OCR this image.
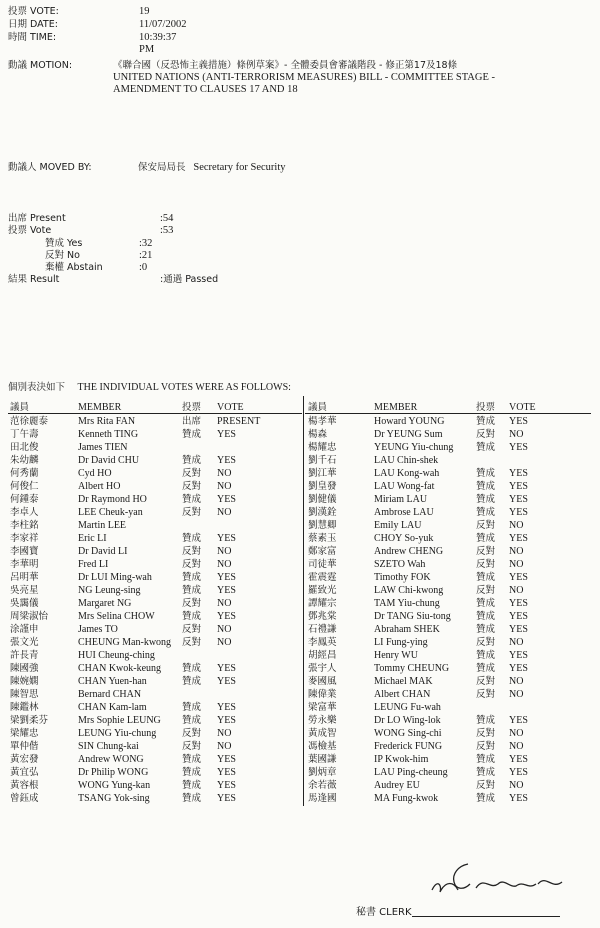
投票 VOTE:	19
日期 DATE:	11/07/2002
時間 TIME:	10:39:37 PM
動議 MOTION:	《聯合國（反恐怖主義措施）條例草案》- 全體委員會審議階段 - 修正第17及18條
UNITED NATIONS (ANTI-TERRORISM MEASURES) BILL - COMMITTEE STAGE -
AMENDMENT TO CLAUSES 17 AND 18
動議人 MOVED BY:	保安局局長 Secretary for Security
出席 Present	:54
投票 Vote	:53
贊成 Yes	:32
反對 No	:21
棄權 Abstain	:0
結果 Result	:通過 Passed
個別表決如下 THE INDIVIDUAL VOTES WERE AS FOLLOWS:
議員	MEMBER	投票 VOTE	議員	MEMBER	投票 VOTE
范徐麗泰	Mrs Rita FAN	出席 PRESENT
丁午壽	Kenneth TING	贊成 YES
田北俊	James TIEN
朱幼麟	Dr David CHU	贊成 YES
何秀蘭	Cyd HO	反對 NO
何俊仁	Albert HO	反對 NO
何鍾泰	Dr Raymond HO	贊成 YES
李卓人	LEE Cheuk-yan	反對 NO
李柱銘	Martin LEE
李家祥	Eric LI	贊成 YES
李國寶	Dr David LI	反對 NO
李華明	Fred LI	反對 NO
呂明華	Dr LUI Ming-wah	贊成 YES
吳亮星	NG Leung-sing	贊成 YES
吳靄儀	Margaret NG	反對 NO
周梁淑怡	Mrs Selina CHOW	贊成 YES
涂謹申	James TO	反對 NO
張文光	CHEUNG Man-kwong 反對 NO
許長青	HUI Cheung-ching
陳國強	CHAN Kwok-keung 贊成 YES
陳婉嫻	CHAN Yuen-han	贊成 YES
陳智思	Bernard CHAN
陳鑑林	CHAN Kam-lam	贊成 YES
梁劉柔芬	Mrs Sophie LEUNG 贊成 YES
梁耀忠	LEUNG Yiu-chung	反對 NO
單仲偕	SIN Chung-kai	反對 NO
黃宏發	Andrew WONG	贊成 YES
黃宜弘	Dr Philip WONG	贊成 YES
黃容根	WONG Yung-kan	贊成 YES
曾鈺成	TSANG Yok-sing	贊成 YES
楊孝華	Howard YOUNG	贊成 YES
楊森	Dr YEUNG Sum	反對 NO
楊耀忠	YEUNG Yiu-chung 贊成 YES
劉千石	LAU Chin-shek
劉江華	LAU Kong-wah	贊成 YES
劉皇發	LAU Wong-fat	贊成 YES
劉健儀	Miriam LAU	贊成 YES
劉漢銓	Ambrose LAU	贊成 YES
劉慧卿	Emily LAU	反對 NO
蔡素玉	CHOY So-yuk	贊成 YES
鄭家富	Andrew CHENG	反對 NO
司徒華	SZETO Wah	反對 NO
霍震霆	Timothy FOK	贊成 YES
羅致光	LAW Chi-kwong	反對 NO
譚耀宗	TAM Yiu-chung	贊成 YES
鄧兆棠	Dr TANG Siu-tong	贊成 YES
石禮謙	Abraham SHEK	贊成 YES
李鳳英	LI Fung-ying	反對 NO
胡經昌	Henry WU	贊成 YES
張宇人	Tommy CHEUNG	贊成 YES
麥國風	Michael MAK	反對 NO
陳偉業	Albert CHAN	反對 NO
梁富華	LEUNG Fu-wah
勞永樂	Dr LO Wing-lok	贊成 YES
黃成智	WONG Sing-chi	反對 NO
馮檢基	Frederick FUNG	反對 NO
葉國謙	IP Kwok-him	贊成 YES
劉炳章	LAU Ping-cheung	贊成 YES
余若薇	Audrey EU	反對 NO
馬逢國	MA Fung-kwok	贊成 YES
秘書 CLERK
